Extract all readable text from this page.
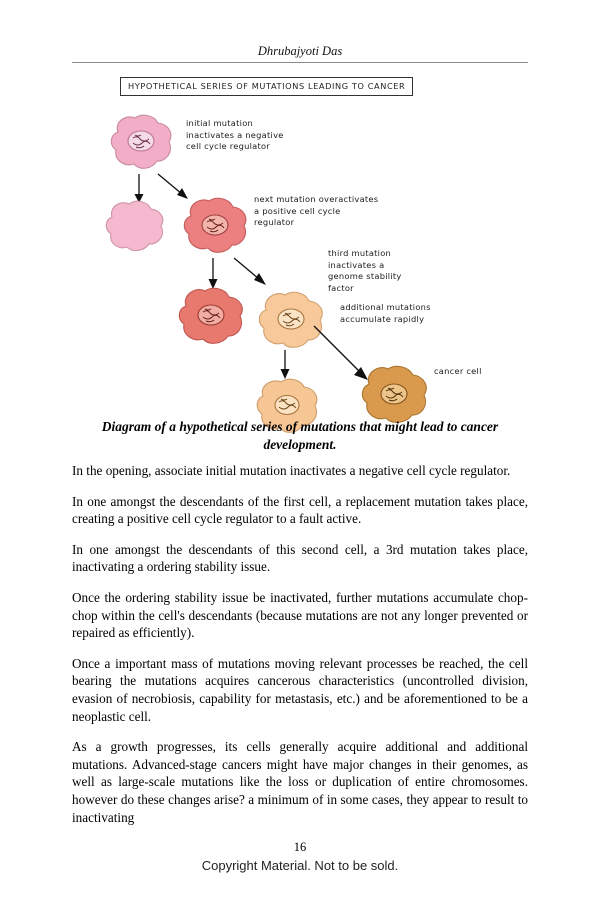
Dhrubajyoti Das
HYPOTHETICAL SERIES OF MUTATIONS LEADING TO CANCER
initial mutation
inactivates a negative
cell cycle regulator
next mutation overactivates
a positive cell cycle
regulator
third mutation
inactivates a
genome stability
factor
additional mutations
accumulate rapidly
cancer cell
Diagram of a hypothetical series of mutations that might lead to cancer development.

In the opening, associate initial mutation inactivates a negative cell cycle regulator.

In one amongst the descendants of the first cell, a replacement mutation takes place, creating a positive cell cycle regulator to a fault active.

In one amongst the descendants of this second cell, a 3rd mutation takes place, inactivating a ordering stability issue.

Once the ordering stability issue be inactivated, further mutations accumulate chop-chop within the cell's descendants (because mutations are not any longer prevented or repaired as efficiently).

Once a important mass of mutations moving relevant processes be reached, the cell bearing the mutations acquires cancerous characteristics (uncontrolled division, evasion of necrobiosis, capability for metastasis, etc.) and be aforementioned to be a neoplastic cell.

As a growth progresses, its cells generally acquire additional and additional mutations. Advanced-stage cancers might have major changes in their genomes, as well as large-scale mutations like the loss or duplication of entire chromosomes. however do these changes arise? a minimum of in some cases, they appear to result to inactivating

16
Copyright Material. Not to be sold.
